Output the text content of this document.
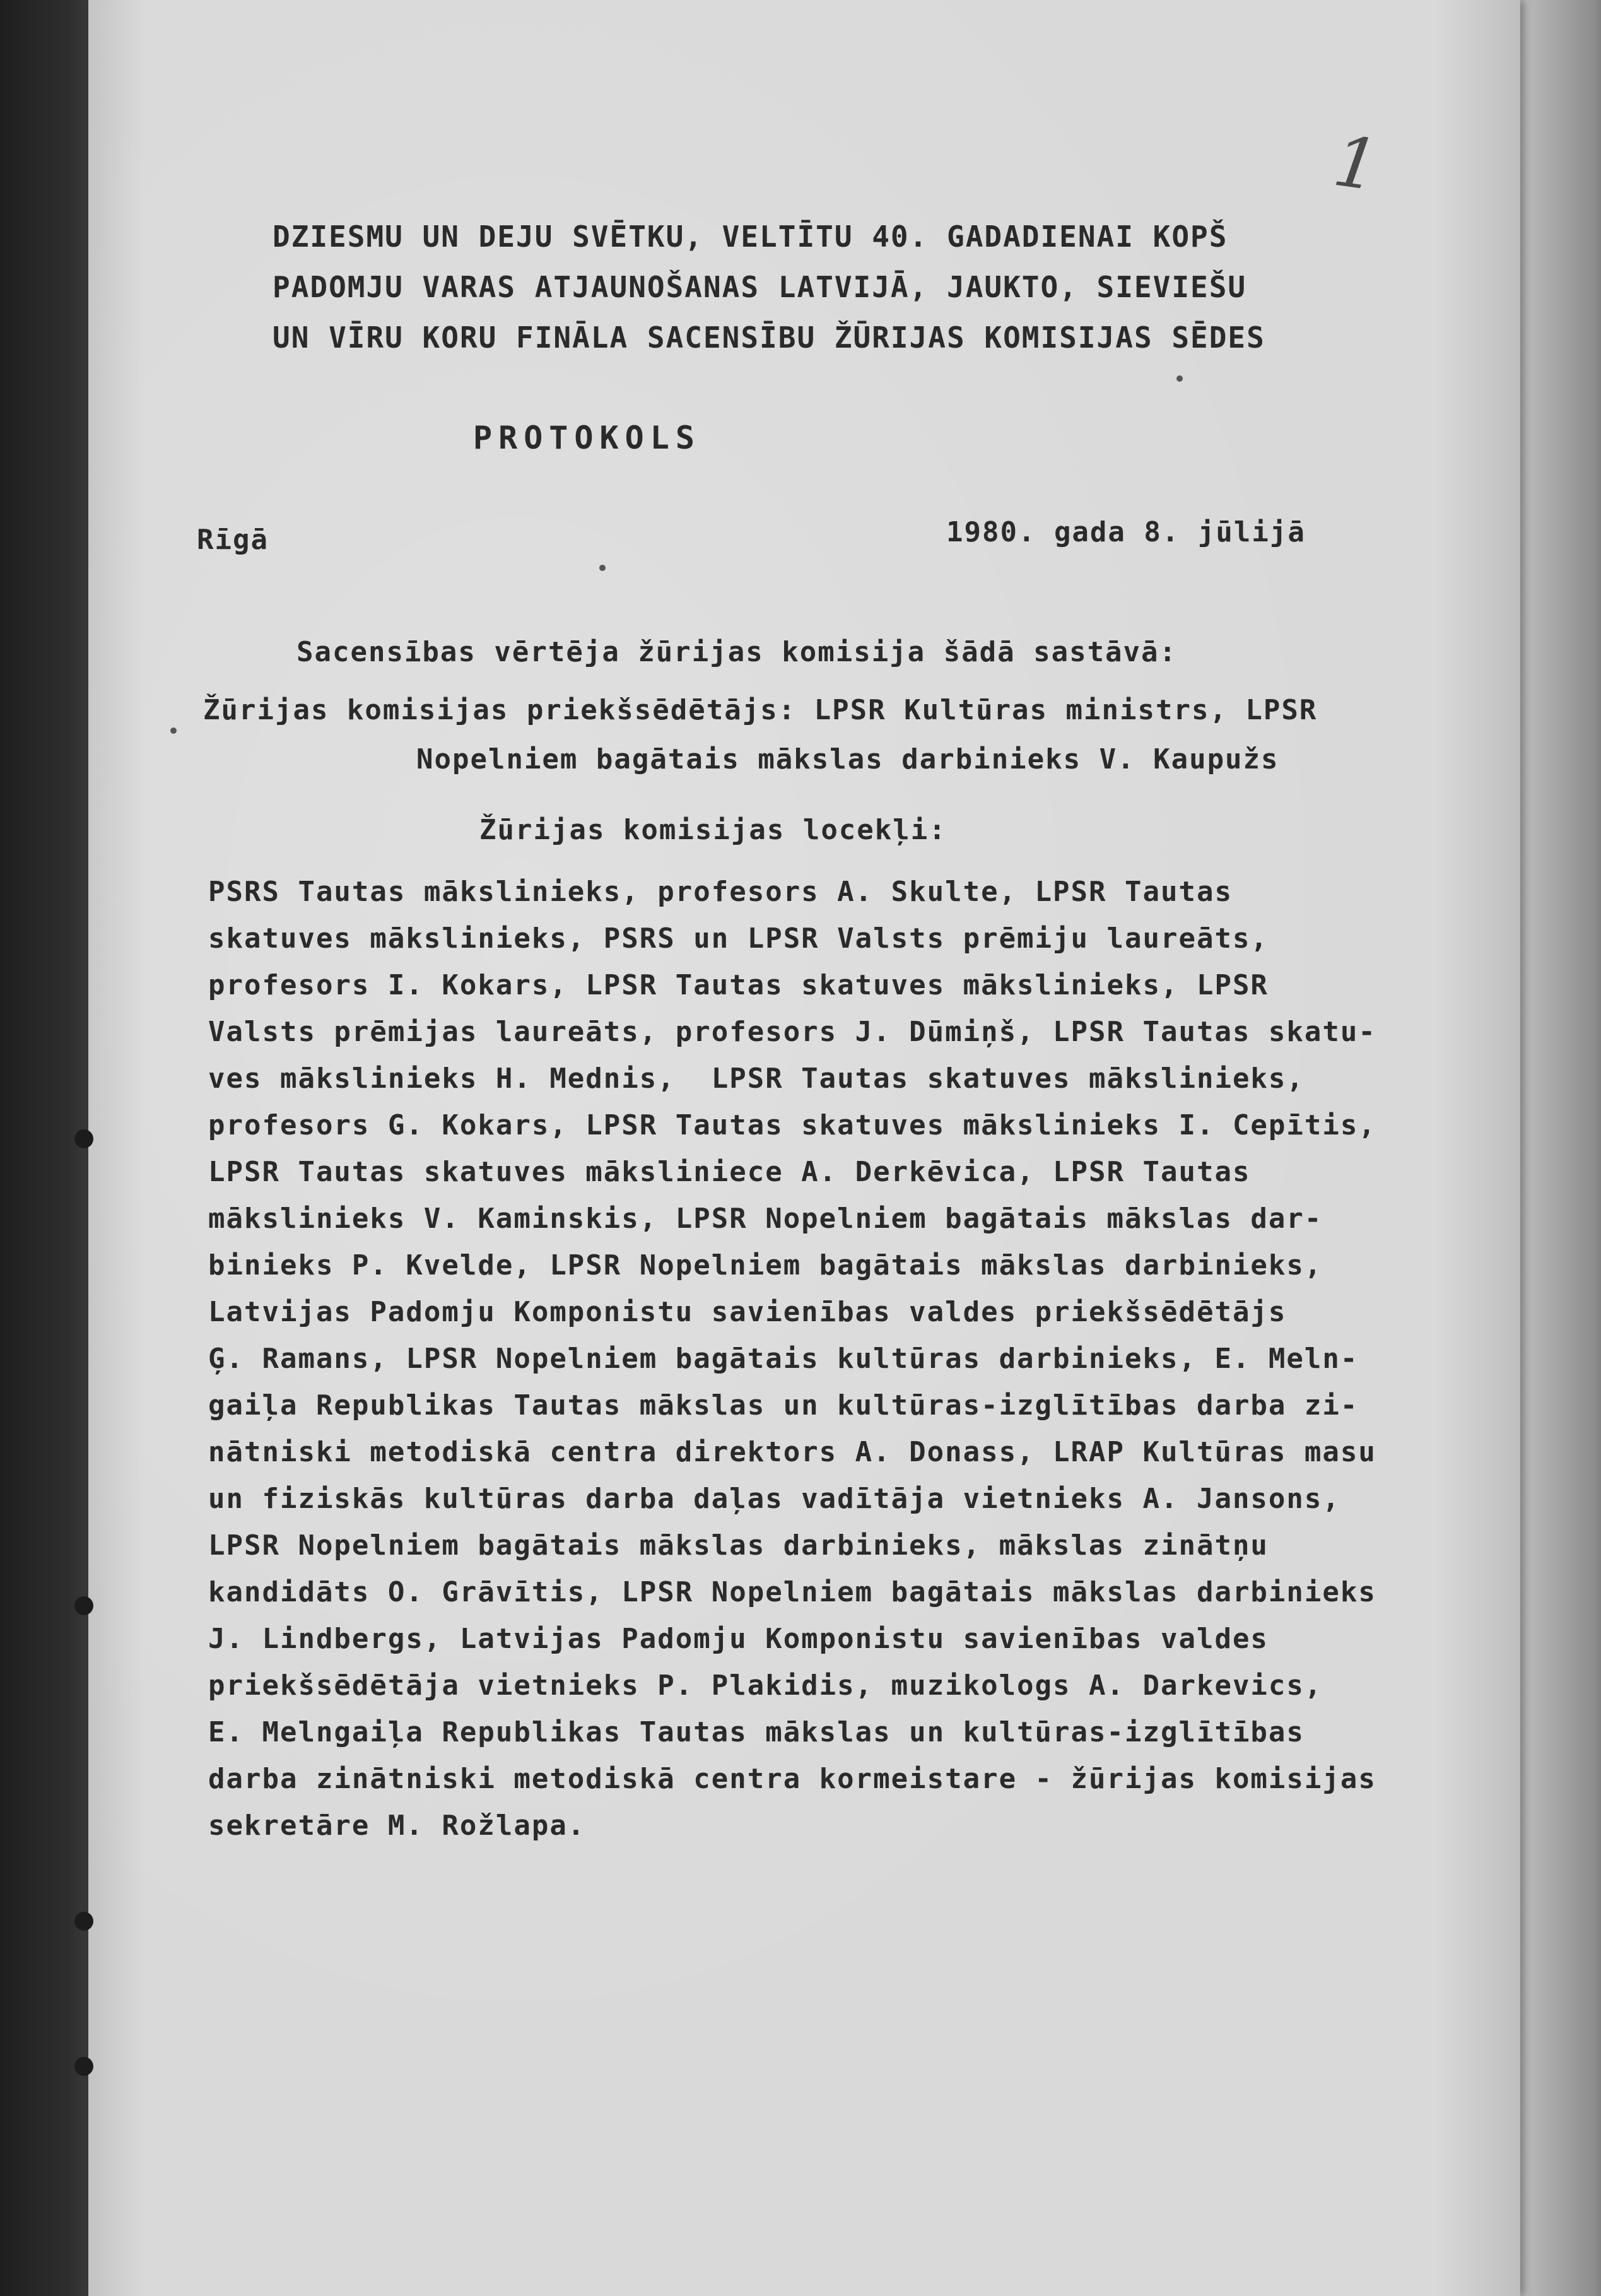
1
DZIESMU UN DEJU SVĒTKU, VELTĪTU 40. GADADIENAI KOPŠ
PADOMJU VARAS ATJAUNOŠANAS LATVIJĀ, JAUKTO, SIEVIEŠU
UN VĪRU KORU FINĀLA SACENSĪBU ŽŪRIJAS KOMISIJAS SĒDES
PROTOKOLS
Rīgā	1980. gada 8. jūlijā
Sacensības vērtēja žūrijas komisija šādā sastāvā:
Žūrijas komisijas priekšsēdētājs: LPSR Kultūras ministrs, LPSR
Nopelniem bagātais mākslas darbinieks V. Kaupužs
Žūrijas komisijas locekļi:
PSRS Tautas mākslinieks, profesors A. Skulte, LPSR Tautas
skatuves mākslinieks, PSRS un LPSR Valsts prēmiju laureāts,
profesors I. Kokars, LPSR Tautas skatuves mākslinieks, LPSR
Valsts prēmijas laureāts, profesors J. Dūmiņš, LPSR Tautas skatu-
ves mākslinieks H. Mednis,  LPSR Tautas skatuves mākslinieks,
profesors G. Kokars, LPSR Tautas skatuves mākslinieks I. Cepītis,
LPSR Tautas skatuves māksliniece A. Derkēvica, LPSR Tautas
mākslinieks V. Kaminskis, LPSR Nopelniem bagātais mākslas dar-
binieks P. Kvelde, LPSR Nopelniem bagātais mākslas darbinieks,
Latvijas Padomju Komponistu savienības valdes priekšsēdētājs
Ģ. Ramans, LPSR Nopelniem bagātais kultūras darbinieks, E. Meln-
gaiļa Republikas Tautas mākslas un kultūras-izglītības darba zi-
nātniski metodiskā centra direktors A. Donass, LRAP Kultūras masu
un fiziskās kultūras darba daļas vadītāja vietnieks A. Jansons,
LPSR Nopelniem bagātais mākslas darbinieks, mākslas zinātņu
kandidāts O. Grāvītis, LPSR Nopelniem bagātais mākslas darbinieks
J. Lindbergs, Latvijas Padomju Komponistu savienības valdes
priekšsēdētāja vietnieks P. Plakidis, muzikologs A. Darkevics,
E. Melngaiļa Republikas Tautas mākslas un kultūras-izglītības
darba zinātniski metodiskā centra kormeistare - žūrijas komisijas
sekretāre M. Rožlapa.
